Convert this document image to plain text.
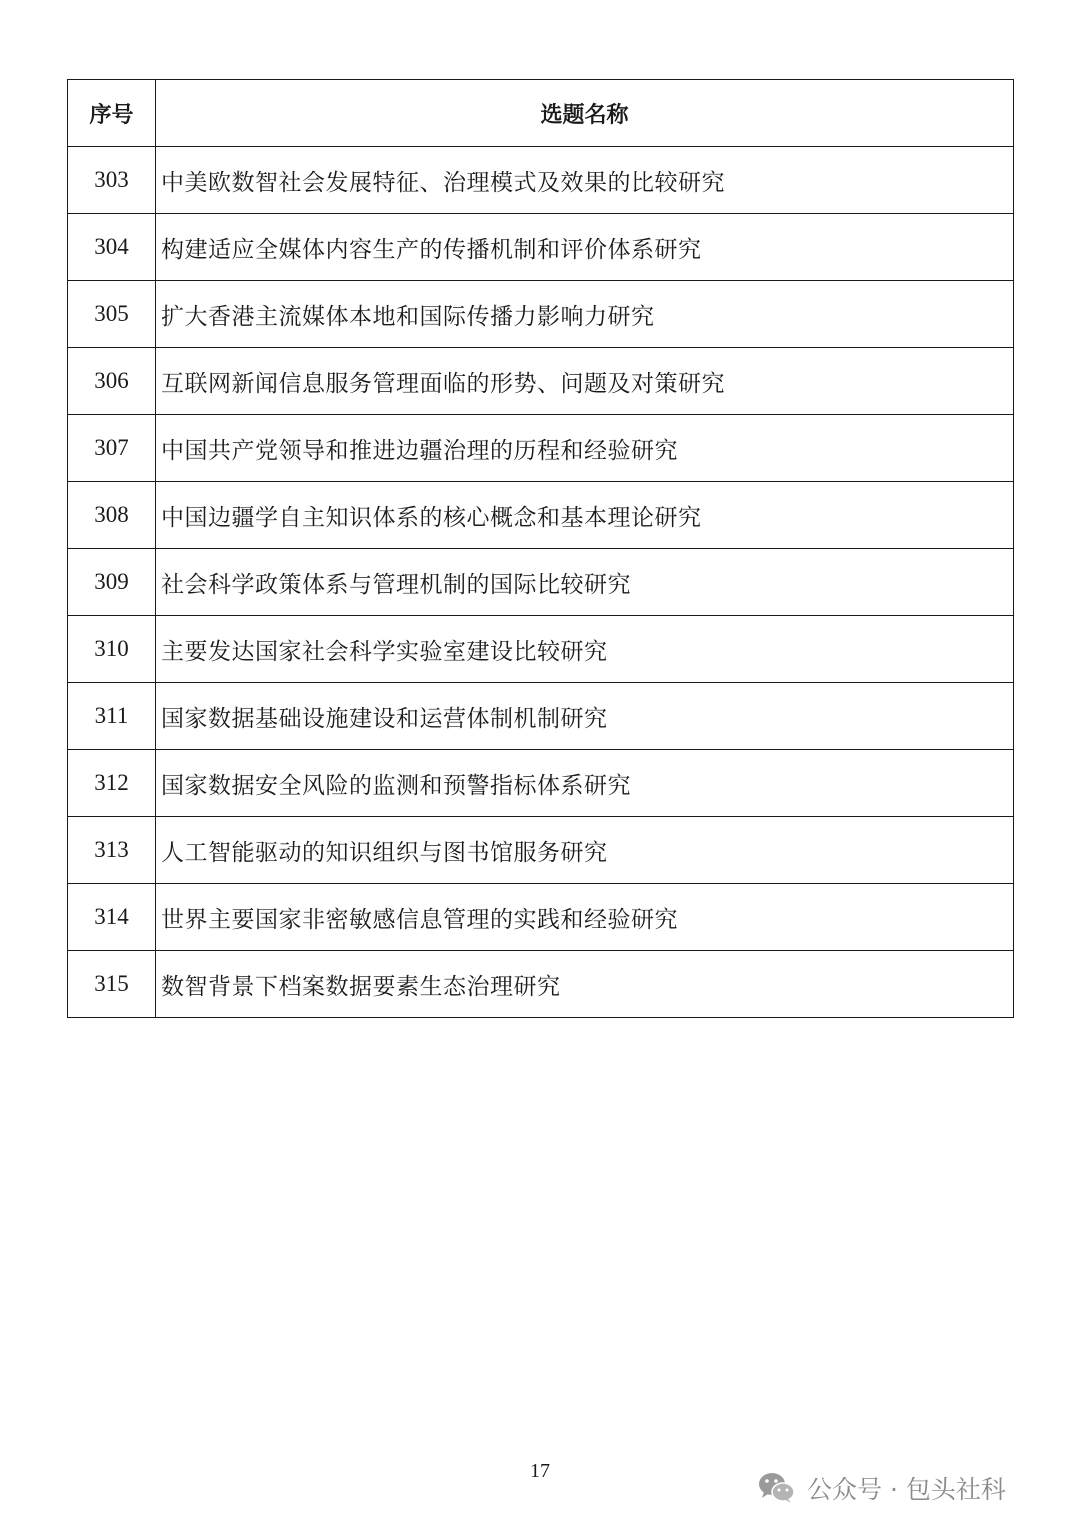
序号	选题名称
303	中美欧数智社会发展特征、治理模式及效果的比较研究
304	构建适应全媒体内容生产的传播机制和评价体系研究
305	扩大香港主流媒体本地和国际传播力影响力研究
306	互联网新闻信息服务管理面临的形势、问题及对策研究
307	中国共产党领导和推进边疆治理的历程和经验研究
308	中国边疆学自主知识体系的核心概念和基本理论研究
309	社会科学政策体系与管理机制的国际比较研究
310	主要发达国家社会科学实验室建设比较研究
311	国家数据基础设施建设和运营体制机制研究
312	国家数据安全风险的监测和预警指标体系研究
313	人工智能驱动的知识组织与图书馆服务研究
314	世界主要国家非密敏感信息管理的实践和经验研究
315	数智背景下档案数据要素生态治理研究
17
公众号 · 包头社科
